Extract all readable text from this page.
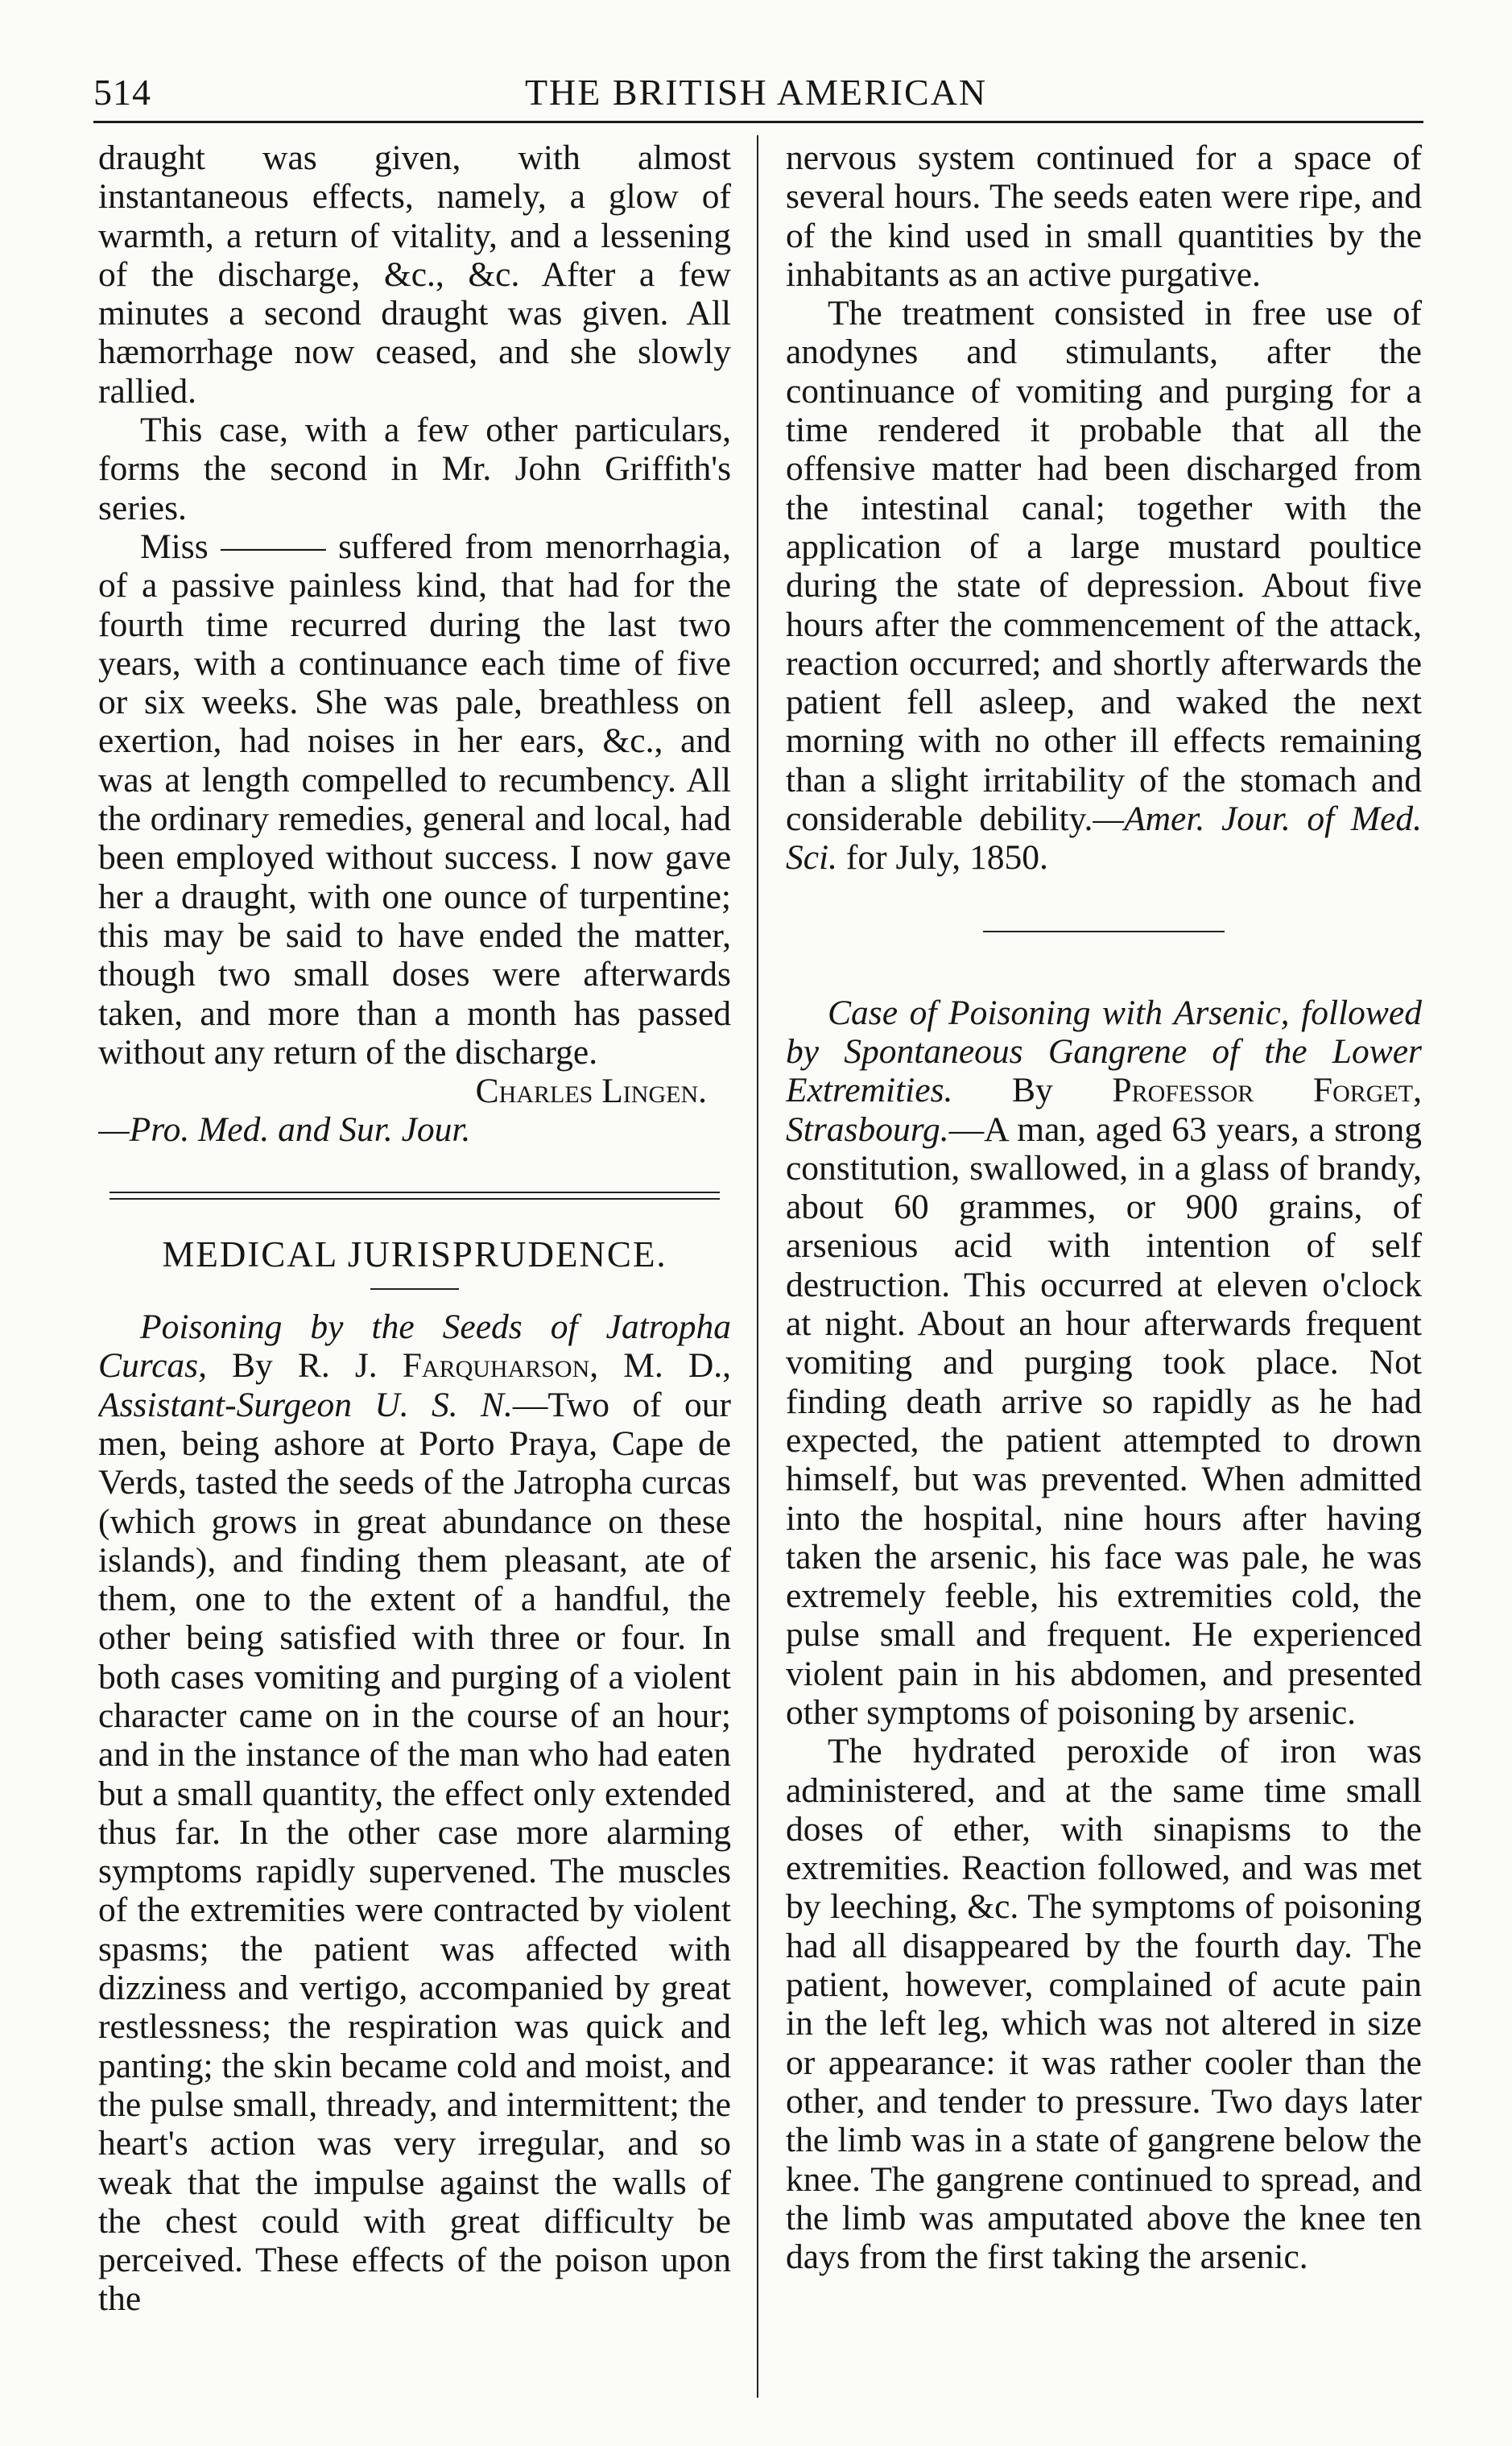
514	THE BRITISH AMERICAN

draught was given, with almost instantaneous effects, namely, a glow of warmth, a return of vitality, and a lessening of the discharge, &c., &c. After a few minutes a second draught was given. All hæmorrhage now ceased, and she slowly rallied.

This case, with a few other particulars, forms the second in Mr. John Griffith's series.

Miss ——— suffered from menorrhagia, of a passive painless kind, that had for the fourth time recurred during the last two years, with a continuance each time of five or six weeks. She was pale, breathless on exertion, had noises in her ears, &c., and was at length compelled to recumbency. All the ordinary remedies, general and local, had been employed without success. I now gave her a draught, with one ounce of turpentine; this may be said to have ended the matter, though two small doses were afterwards taken, and more than a month has passed without any return of the discharge.

Charles Lingen.

—Pro. Med. and Sur. Jour.

MEDICAL JURISPRUDENCE.

Poisoning by the Seeds of Jatropha Curcas, By R. J. Farquharson, M. D., Assistant-Surgeon U. S. N.—Two of our men, being ashore at Porto Praya, Cape de Verds, tasted the seeds of the Jatropha curcas (which grows in great abundance on these islands), and finding them pleasant, ate of them, one to the extent of a handful, the other being satisfied with three or four. In both cases vomiting and purging of a violent character came on in the course of an hour; and in the instance of the man who had eaten but a small quantity, the effect only extended thus far. In the other case more alarming symptoms rapidly supervened. The muscles of the extremities were contracted by violent spasms; the patient was affected with dizziness and vertigo, accompanied by great restlessness; the respiration was quick and panting; the skin became cold and moist, and the pulse small, thready, and intermittent; the heart's action was very irregular, and so weak that the impulse against the walls of the chest could with great difficulty be perceived. These effects of the poison upon the

nervous system continued for a space of several hours. The seeds eaten were ripe, and of the kind used in small quantities by the inhabitants as an active purgative.

The treatment consisted in free use of anodynes and stimulants, after the continuance of vomiting and purging for a time rendered it probable that all the offensive matter had been discharged from the intestinal canal; together with the application of a large mustard poultice during the state of depression. About five hours after the commencement of the attack, reaction occurred; and shortly afterwards the patient fell asleep, and waked the next morning with no other ill effects remaining than a slight irritability of the stomach and considerable debility.—Amer. Jour. of Med. Sci. for July, 1850.

Case of Poisoning with Arsenic, followed by Spontaneous Gangrene of the Lower Extremities. By Professor Forget, Strasbourg.—A man, aged 63 years, a strong constitution, swallowed, in a glass of brandy, about 60 grammes, or 900 grains, of arsenious acid with intention of self destruction. This occurred at eleven o'clock at night. About an hour afterwards frequent vomiting and purging took place. Not finding death arrive so rapidly as he had expected, the patient attempted to drown himself, but was prevented. When admitted into the hospital, nine hours after having taken the arsenic, his face was pale, he was extremely feeble, his extremities cold, the pulse small and frequent. He experienced violent pain in his abdomen, and presented other symptoms of poisoning by arsenic.

The hydrated peroxide of iron was administered, and at the same time small doses of ether, with sinapisms to the extremities. Reaction followed, and was met by leeching, &c. The symptoms of poisoning had all disappeared by the fourth day. The patient, however, complained of acute pain in the left leg, which was not altered in size or appearance: it was rather cooler than the other, and tender to pressure. Two days later the limb was in a state of gangrene below the knee. The gangrene continued to spread, and the limb was amputated above the knee ten days from the first taking the arsenic.
